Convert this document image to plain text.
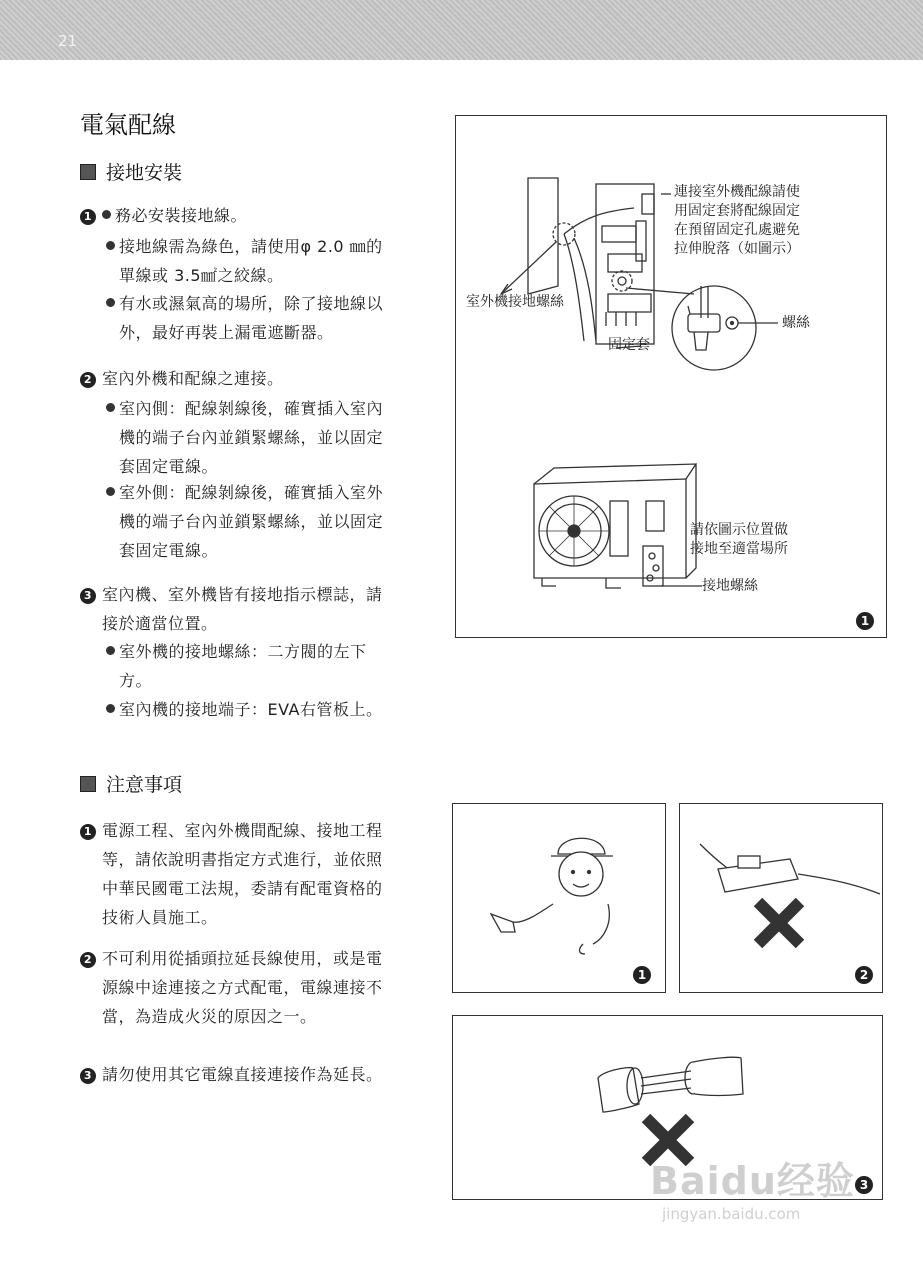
21
電氣配線
接地安裝
1 務必安裝接地線。
接地線需為綠色，請使用φ 2.0 ㎜的
單線或 3.5㎟之絞線。
有水或濕氣高的場所，除了接地線以
外，最好再裝上漏電遮斷器。
2 室內外機和配線之連接。
室內側：配線剝線後，確實插入室內
機的端子台內並鎖緊螺絲，並以固定
套固定電線。
室外側：配線剝線後，確實插入室外
機的端子台內並鎖緊螺絲，並以固定
套固定電線。
3 室內機、室外機皆有接地指示標誌，請
接於適當位置。
室外機的接地螺絲：二方閥的左下
方。
室內機的接地端子：EVA右管板上。
連接室外機配線請使
用固定套將配線固定
在預留固定孔處避免
拉伸脫落（如圖示）
室外機接地螺絲
螺絲
固定套
請依圖示位置做
接地至適當場所
接地螺絲
1
注意事項
1 電源工程、室內外機間配線、接地工程
等，請依說明書指定方式進行，並依照
中華民國電工法規，委請有配電資格的
技術人員施工。
2 不可利用從插頭拉延長線使用，或是電
源線中途連接之方式配電，電線連接不
當，為造成火災的原因之一。
3 請勿使用其它電線直接連接作為延長。
1	2
3
Baidu经验
jingyan.baidu.com
